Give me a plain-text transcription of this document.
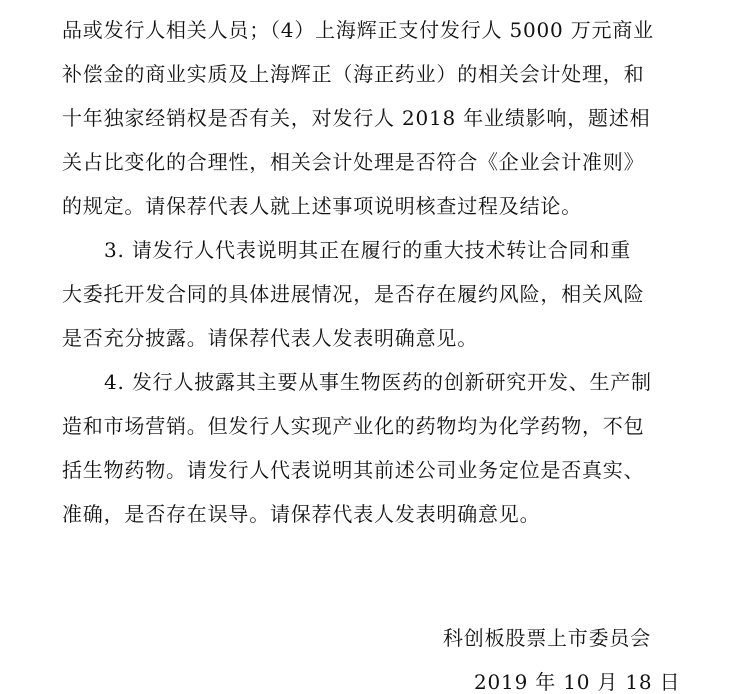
品或发行人相关人员；（4）上海辉正支付发行人 5000 万元商业
补偿金的商业实质及上海辉正（海正药业）的相关会计处理，和
十年独家经销权是否有关，对发行人 2018 年业绩影响，题述相
关占比变化的合理性，相关会计处理是否符合《企业会计准则》
的规定。请保荐代表人就上述事项说明核查过程及结论。
3. 请发行人代表说明其正在履行的重大技术转让合同和重
大委托开发合同的具体进展情况，是否存在履约风险，相关风险
是否充分披露。请保荐代表人发表明确意见。
4. 发行人披露其主要从事生物医药的创新研究开发、生产制
造和市场营销。但发行人实现产业化的药物均为化学药物，不包
括生物药物。请发行人代表说明其前述公司业务定位是否真实、
准确，是否存在误导。请保荐代表人发表明确意见。
科创板股票上市委员会
2019 年 10 月 18 日
